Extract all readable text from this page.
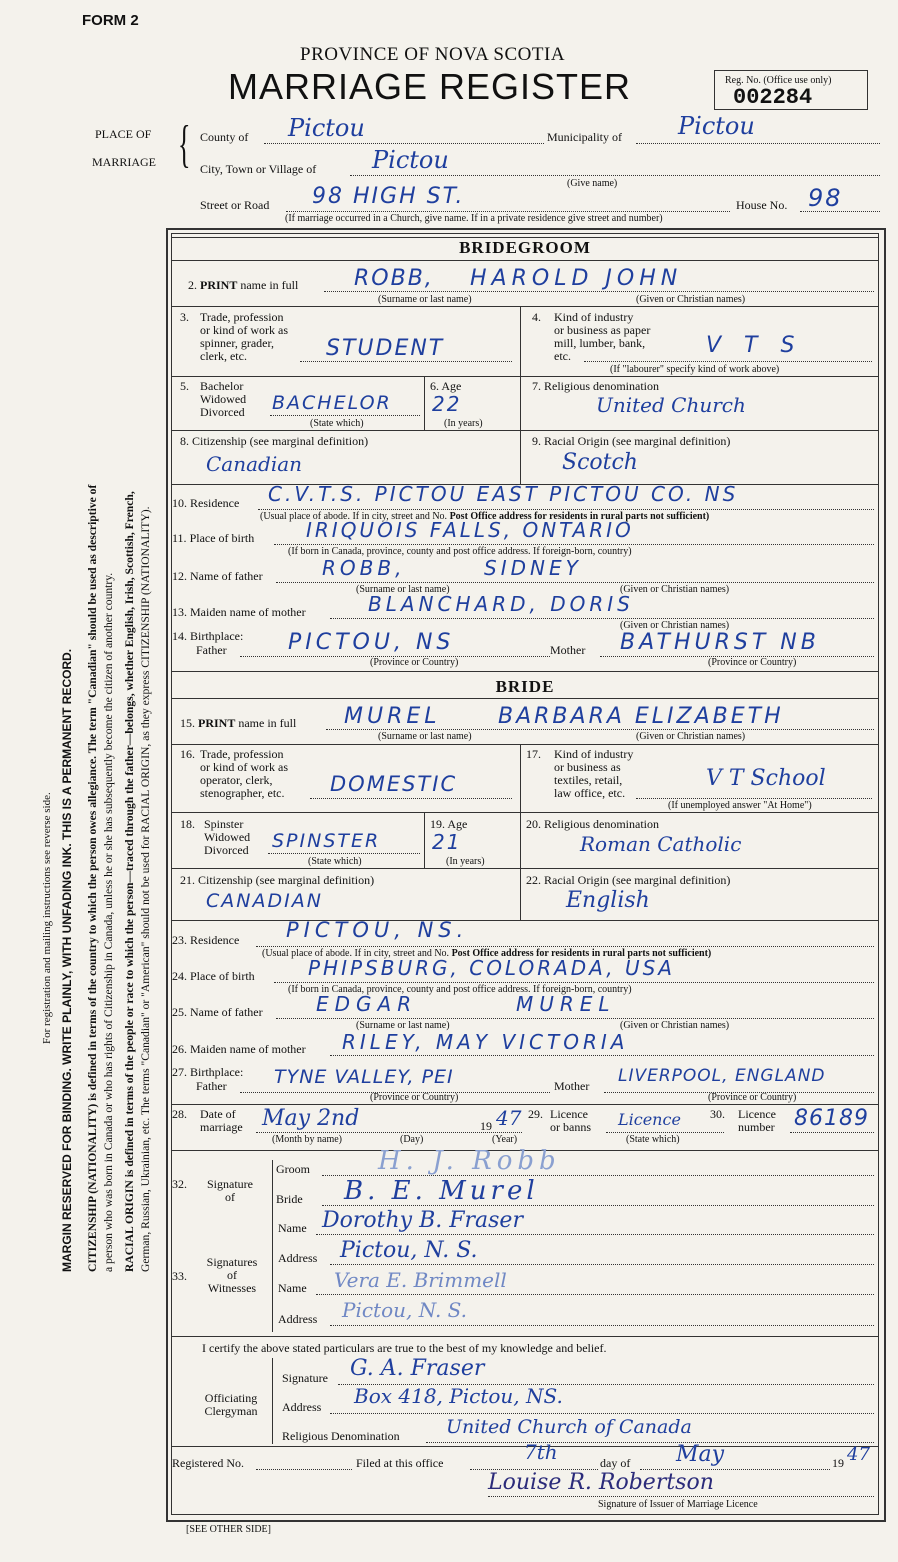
FORM 2
PROVINCE OF NOVA SCOTIA
MARRIAGE REGISTER	Reg. No. (Office use only)
002284
PLACE OF
MARRIAGE { County of Pictou	Municipality of Pictou
City, Town or Village of Pictou
(Give name)
Street or Road 98 HIGH ST.	House No. 98
(If marriage occurred in a Church, give name. If in a private residence give street and number)
For registration and mailing instructions see reverse side. MARGIN RESERVED FOR BINDING. WRITE PLAINLY, WITH UNFADING INK. THIS IS A PERMANENT RECORD. CITIZENSHIP (NATIONALITY) is defined in terms of the country to which the person owes allegiance. The term "Canadian" should be used as descriptive of a person who was born in Canada or who has rights of Citizenship in Canada, unless he or she has subsequently become the citizen of another country. RACIAL ORIGIN is defined in terms of the people or race to which the person—traced through the father—belongs, whether English, Irish, Scottish, French, German, Russian, Ukrainian, etc. The terms "Canadian" or "American" should not be used for RACIAL ORIGIN, as they express CITIZENSHIP (NATIONALITY).
BRIDEGROOM
2. PRINT name in full	ROBB, HAROLD JOHN
(Surname or last name)	(Given or Christian names)
3. Trade, profession
or kind of work as
spinner, grader,
clerk, etc.	STUDENT
4. Kind of industry
or business as paper
mill, lumber, bank,
etc.	V T S
(If "labourer" specify kind of work above)
5. Bachelor
Widowed
Divorced BACHELOR
(State which)
6. Age
22
(In years)
7. Religious denomination
United Church
8. Citizenship (see marginal definition)
Canadian
9. Racial Origin (see marginal definition)
Scotch
10. Residence C.V.T.S. PICTOU EAST PICTOU CO. NS
(Usual place of abode. If in city, street and No. Post Office address for residents in rural parts not sufficient)
11. Place of birth	IRIQUOIS FALLS, ONTARIO
(If born in Canada, province, county and post office address. If foreign-born, country)
12. Name of father	ROBB,	SIDNEY
(Surname or last name)	(Given or Christian names)
13. Maiden name of mother	BLANCHARD, DORIS
(Given or Christian names)
14. Birthplace:
Father	PICTOU, NS	Mother BATHURST NB
(Province or Country)	(Province or Country)
BRIDE
15. PRINT name in full MUREL	BARBARA ELIZABETH
(Surname or last name)	(Given or Christian names)
16. Trade, profession
or kind of work as
operator, clerk,
stenographer, etc. DOMESTIC
17. Kind of industry
or business as
textiles, retail,
law office, etc.
V T School
(If unemployed answer "At Home")
18. Spinster
Widowed
Divorced SPINSTER
(State which)
19. Age
21
(In years)
20. Religious denomination
Roman Catholic
21. Citizenship (see marginal definition)
CANADIAN
22. Racial Origin (see marginal definition)
English
23. Residence PICTOU, NS.
(Usual place of abode. If in city, street and No. Post Office address for residents in rural parts not sufficient)
24. Place of birth	PHIPSBURG, COLORADA, USA
(If born in Canada, province, county and post office address. If foreign-born, country)
25. Name of father	EDGAR	MUREL
(Surname or last name)	(Given or Christian names)
26. Maiden name of mother RILEY, MAY VICTORIA
27. Birthplace:
Father TYNE VALLEY, PEI	Mother LIVERPOOL, ENGLAND
(Province or Country)	(Province or Country)
28. Date of
marriage May 2nd	19 47
(Month by name)	(Day)	(Year)
29. Licence
or banns Licence
(State which)
30. Licence
number 86189
32.	Signature
of
Groom	H. J. Robb
Bride B. E. Murel
33.
Signatures
of
Witnesses
Name Dorothy B. Fraser
Address Pictou, N. S.
Name Vera E. Brimmell
Address Pictou, N. S.
I certify the above stated particulars are true to the best of my knowledge and belief.
Officiating
Clergyman
Signature G. A. Fraser
Address Box 418, Pictou, NS.
Religious Denomination United Church of Canada
Registered No.	Filed at this office	7th	day of May	19 47
Louise R. Robertson
Signature of Issuer of Marriage Licence
[SEE OTHER SIDE]
